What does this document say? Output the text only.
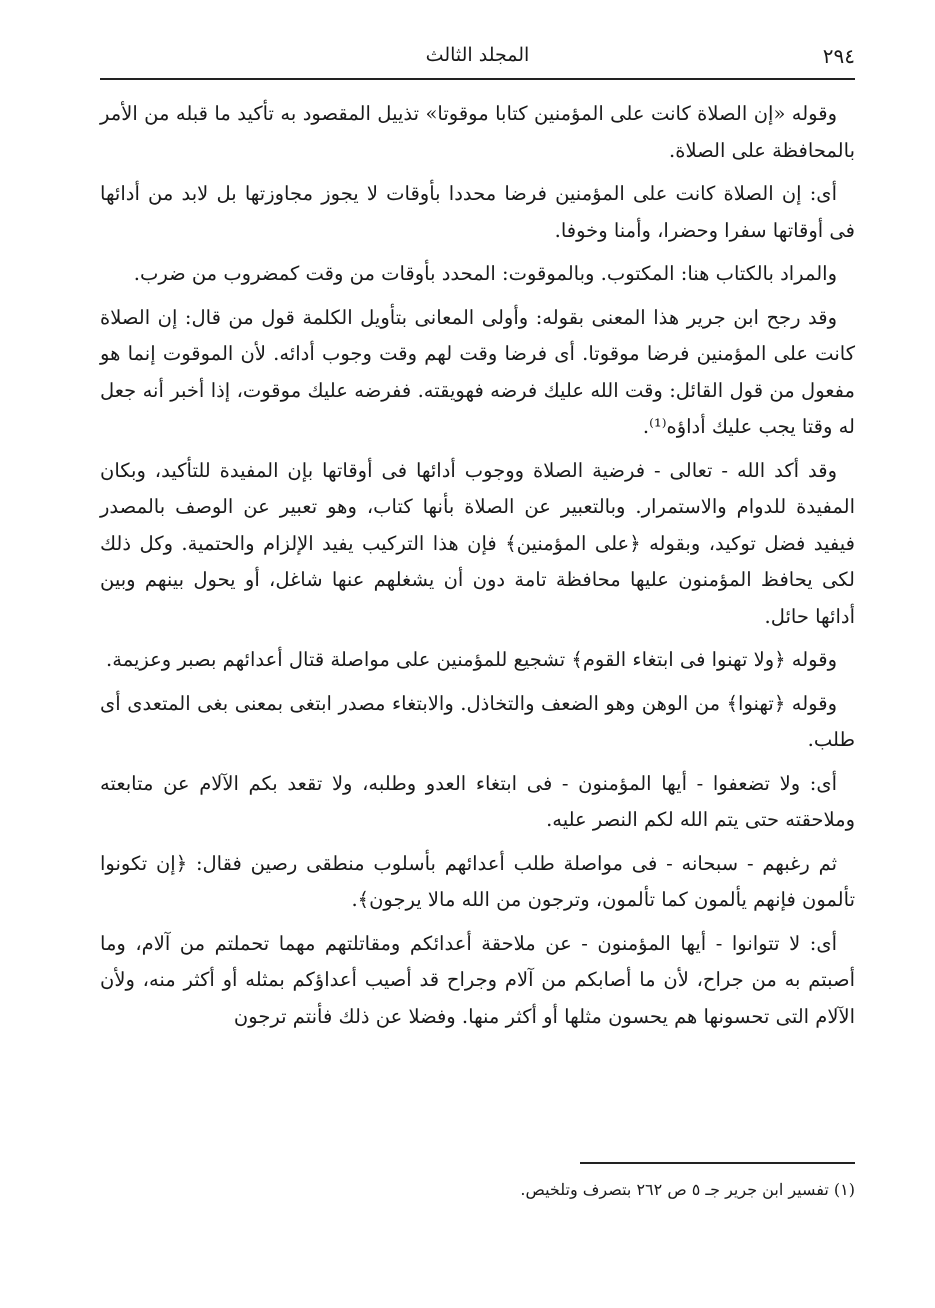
٢٩٤
المجلد الثالث

وقوله «إن الصلاة كانت على المؤمنين كتابا موقوتا» تذييل المقصود به تأكيد ما قبله من الأمر بالمحافظة على الصلاة.

أى: إن الصلاة كانت على المؤمنين فرضا محددا بأوقات لا يجوز مجاوزتها بل لابد من أدائها فى أوقاتها سفرا وحضرا، وأمنا وخوفا.

والمراد بالكتاب هنا: المكتوب. وبالموقوت: المحدد بأوقات من وقت كمضروب من ضرب.

وقد رجح ابن جرير هذا المعنى بقوله: وأولى المعانى بتأويل الكلمة قول من قال: إن الصلاة كانت على المؤمنين فرضا موقوتا. أى فرضا وقت لهم وقت وجوب أدائه. لأن الموقوت إنما هو مفعول من قول القائل: وقت الله عليك فرضه فهويقته. ففرضه عليك موقوت، إذا أخبر أنه جعل له وقتا يجب عليك أداؤه⁽¹⁾.

وقد أكد الله - تعالى - فرضية الصلاة ووجوب أدائها فى أوقاتها بإن المفيدة للتأكيد، وبكان المفيدة للدوام والاستمرار. وبالتعبير عن الصلاة بأنها كتاب، وهو تعبير عن الوصف بالمصدر فيفيد فضل توكيد، وبقوله ﴿على المؤمنين﴾ فإن هذا التركيب يفيد الإلزام والحتمية. وكل ذلك لكى يحافظ المؤمنون عليها محافظة تامة دون أن يشغلهم عنها شاغل، أو يحول بينهم وبين أدائها حائل.

وقوله ﴿ولا تهنوا فى ابتغاء القوم﴾ تشجيع للمؤمنين على مواصلة قتال أعدائهم بصبر وعزيمة.

وقوله ﴿تهنوا﴾ من الوهن وهو الضعف والتخاذل. والابتغاء مصدر ابتغى بمعنى بغى المتعدى أى طلب.

أى: ولا تضعفوا - أيها المؤمنون - فى ابتغاء العدو وطلبه، ولا تقعد بكم الآلام عن متابعته وملاحقته حتى يتم الله لكم النصر عليه.

ثم رغبهم - سبحانه - فى مواصلة طلب أعدائهم بأسلوب منطقى رصين فقال: ﴿إن تكونوا تألمون فإنهم يألمون كما تألمون، وترجون من الله مالا يرجون﴾.

أى: لا تتوانوا - أيها المؤمنون - عن ملاحقة أعدائكم ومقاتلتهم مهما تحملتم من آلام، وما أصبتم به من جراح، لأن ما أصابكم من آلام وجراح قد أصيب أعداؤكم بمثله أو أكثر منه، ولأن الآلام التى تحسونها هم يحسون مثلها أو أكثر منها. وفضلا عن ذلك فأنتم ترجون

(١) تفسير ابن جرير جـ ٥ ص ٢٦٢ بتصرف وتلخيص.
